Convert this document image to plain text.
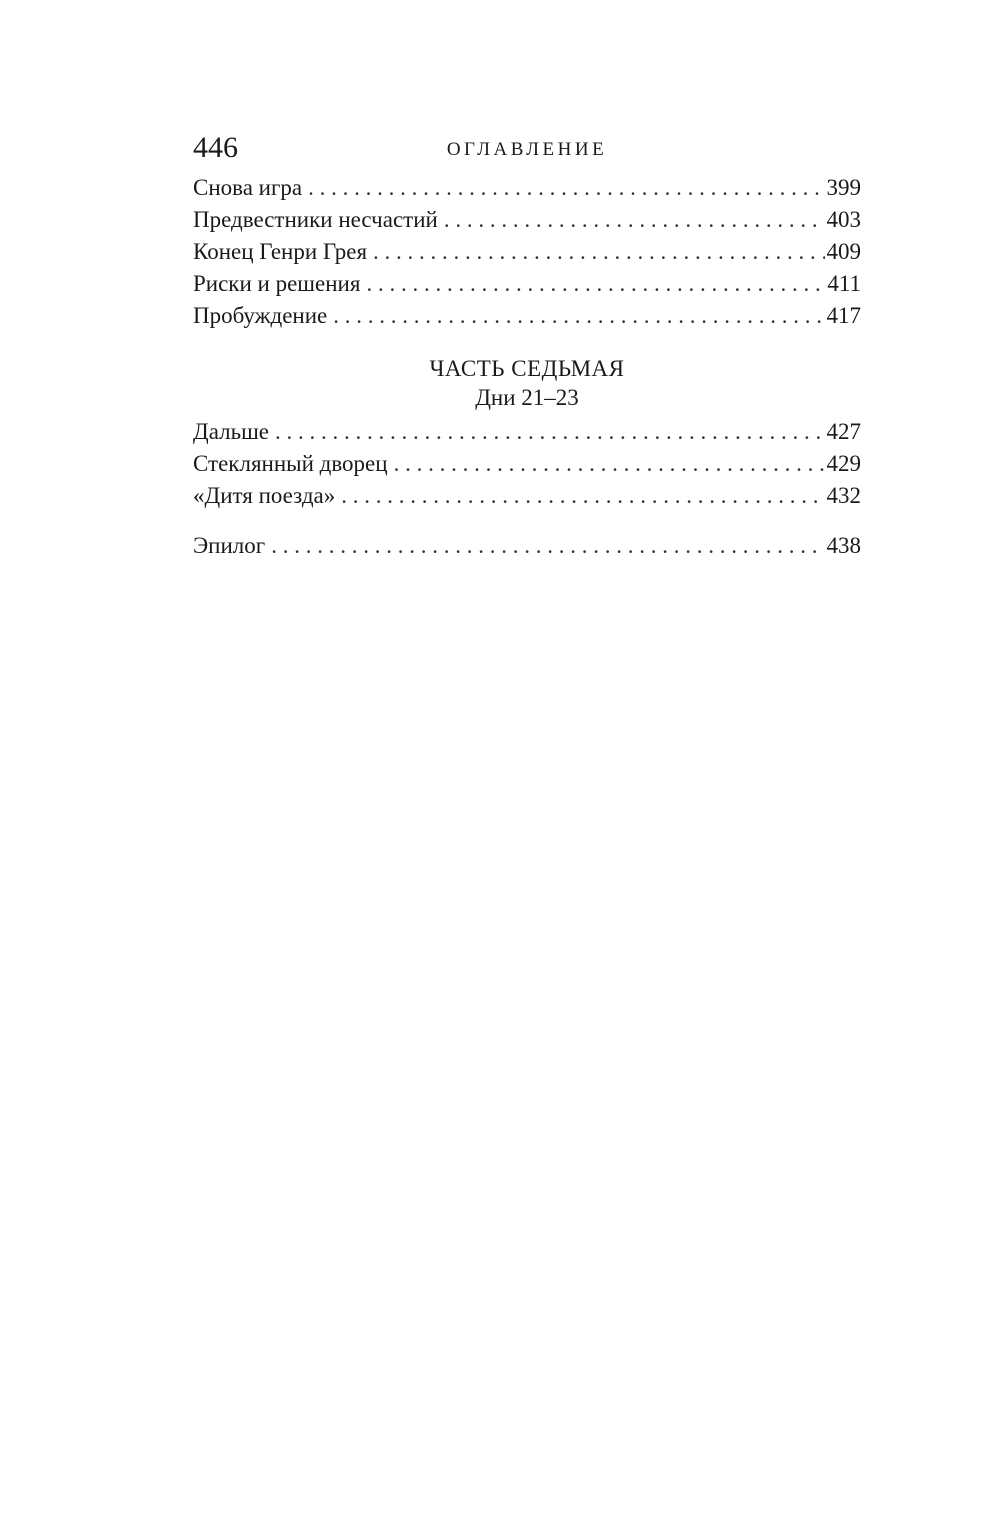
446	ОГЛАВЛЕНИЕ
Снова игра . . .	399
Предвестники несчастий . . .	403
Конец Генри Грея . . .	409
Риски и решения . . .	411
Пробуждение . . .	417
ЧАСТЬ СЕДЬМАЯ
Дни 21–23
Дальше . . .	427
Стеклянный дворец . . .	429
«Дитя поезда» . . .	432
Эпилог . . .	438
